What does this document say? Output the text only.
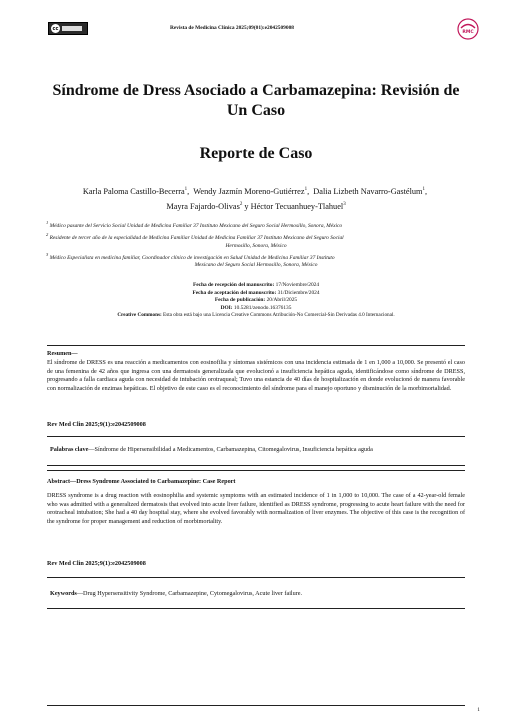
cc	Revista de Medicina Clínica 2025;09(01):e2042509008
RMC
Síndrome de Dress Asociado a Carbamazepina: Revisión de Un Caso
Reporte de Caso
Karla Paloma Castillo-Becerra$^1$,  Wendy Jazmín Moreno-Gutiérrez$^1$,  Dalia Lizbeth Navarro-Gastélum$^1$,  Mayra Fajardo-Olivas$^2$ y Héctor Tecuanhuey-Tlahuel$^3$

$^1$ Médico pasante del Servicio Social Unidad de Medicina Familiar 37 Instituto Mexicano del Seguro Social Hermosillo, Sonora, México

$^2$ Residente de tercer año de la especialidad de Medicina Familiar Unidad de Medicina Familiar 37 Instituto Mexicano del Seguro Social
Hermosillo, Sonora, México

$^3$ Médico Especialista en medicina familiar, Coordinador clínico de investigación en Salud Unidad de Medicina Familiar 37 Instituto
Mexicano del Seguro Social Hermosillo, Sonora, México

Fecha de recepción del manuscrito: 17/Noviembre/2024
Fecha de aceptación del manuscrito: 31/Diciembre/2024
Fecha de publicación: 20/Abril/2025
DOI: 10.5281/zenodo.16376135
Creative Commons: Esta obra está bajo una Licencia Creative Commons Atribución-No Comercial-Sin Derivadas 4.0 Internacional.
Resumen—
El síndrome de DRESS es una reacción a medicamentos con eosinofilia y síntomas sistémicos con una incidencia estimada de 1 en 1,000 a 10,000. Se presentó el caso de una femenina de 42 años que ingresa con una dermatosis generalizada que evolucionó a insuficiencia hepática aguda, identificándose como síndrome de DRESS, progresando a falla cardiaca aguda con necesidad de intubación orotraqueal; Tuvo una estancia de 40 días de hospitalización en donde evolucionó de manera favorable con normalización de enzimas hepáticas. El objetivo de este caso es el reconocimiento del síndrome para el manejo oportuno y disminución de la morbimortalidad.
Rev Med Clin 2025;9(1):e2042509008
Palabras clave—Síndrome de Hipersensibilidad a Medicamentos, Carbamazepina, Citomegalovirus, Insuficiencia hepática aguda
Abstract—Dress Syndrome Associated to Carbamazepine: Case Report
DRESS syndrome is a drug reaction with eosinophilia and systemic symptoms with an estimated incidence of 1 in 1,000 to 10,000. The case of a 42-year-old female who was admitted with a generalized dermatosis that evolved into acute liver failure, identified as DRESS syndrome, progressing to acute heart failure with the need for orotracheal intubation; She had a 40 day hospital stay, where she evolved favorably with normalization of liver enzymes. The objective of this case is the recognition of the syndrome for proper management and reduction of morbimortality.
Rev Med Clin 2025;9(1):e2042509008
Keywords—Drug Hypersensitivity Syndrome, Carbamazepine, Cytomegalovirus, Acute liver failure.
1
